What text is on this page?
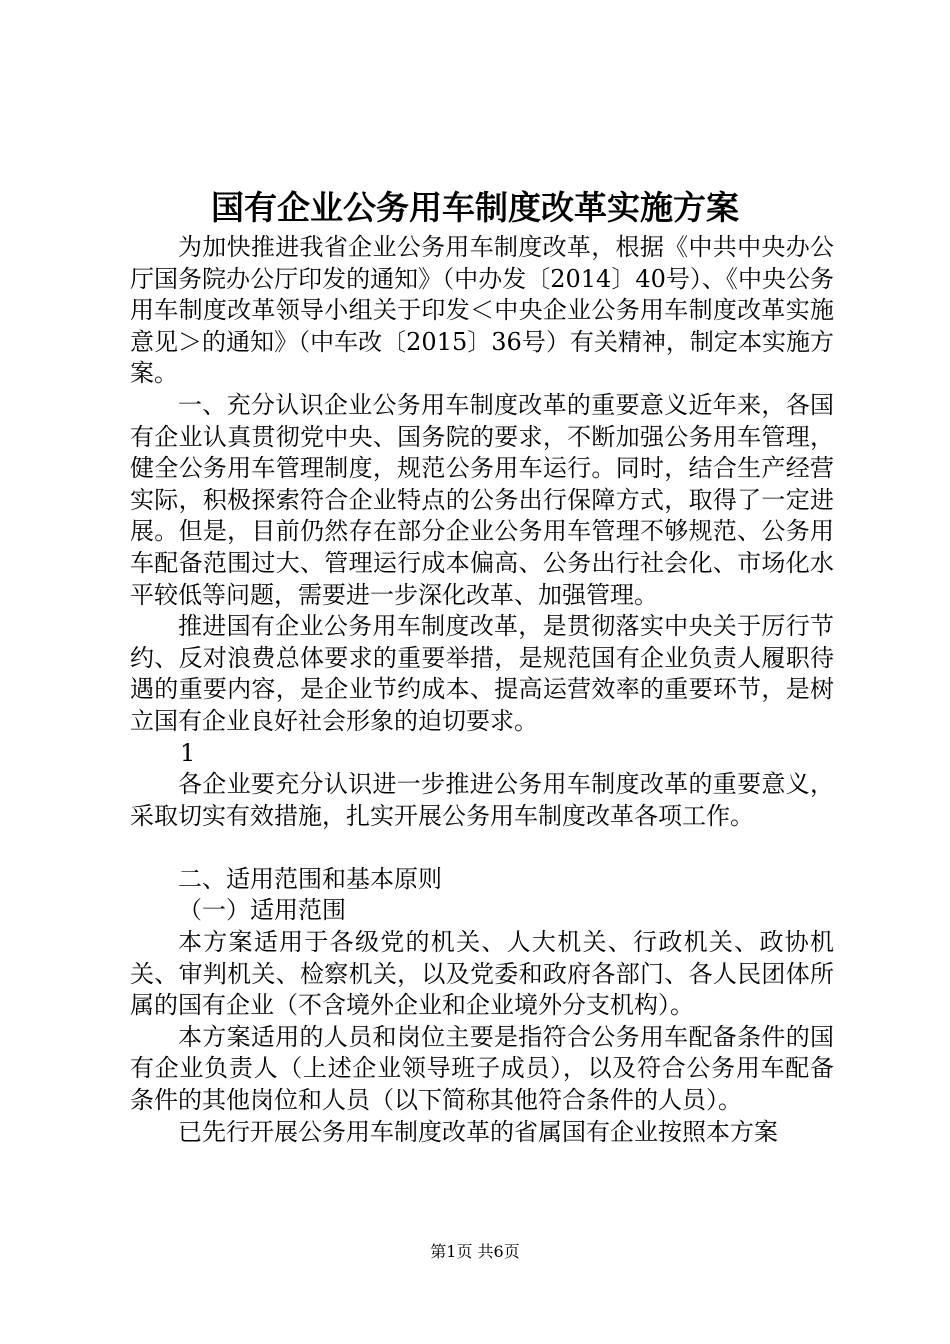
国有企业公务用车制度改革实施方案

为加快推进我省企业公务用车制度改革，根据《中共中央办公厅国务院办公厅印发的通知》（中办发〔2014〕40号）、《中央公务用车制度改革领导小组关于印发＜中央企业公务用车制度改革实施意见＞的通知》（中车改〔2015〕36号）有关精神，制定本实施方案。

一、充分认识企业公务用车制度改革的重要意义近年来，各国有企业认真贯彻党中央、国务院的要求，不断加强公务用车管理，健全公务用车管理制度，规范公务用车运行。同时，结合生产经营实际，积极探索符合企业特点的公务出行保障方式，取得了一定进展。但是，目前仍然存在部分企业公务用车管理不够规范、公务用车配备范围过大、管理运行成本偏高、公务出行社会化、市场化水平较低等问题，需要进一步深化改革、加强管理。

推进国有企业公务用车制度改革，是贯彻落实中央关于厉行节约、反对浪费总体要求的重要举措，是规范国有企业负责人履职待遇的重要内容，是企业节约成本、提高运营效率的重要环节，是树立国有企业良好社会形象的迫切要求。

1

各企业要充分认识进一步推进公务用车制度改革的重要意义，采取切实有效措施，扎实开展公务用车制度改革各项工作。

二、适用范围和基本原则

（一）适用范围

本方案适用于各级党的机关、人大机关、行政机关、政协机关、审判机关、检察机关，以及党委和政府各部门、各人民团体所属的国有企业（不含境外企业和企业境外分支机构）。

本方案适用的人员和岗位主要是指符合公务用车配备条件的国有企业负责人（上述企业领导班子成员），以及符合公务用车配备条件的其他岗位和人员（以下简称其他符合条件的人员）。

已先行开展公务用车制度改革的省属国有企业按照本方案

第1页 共6页
